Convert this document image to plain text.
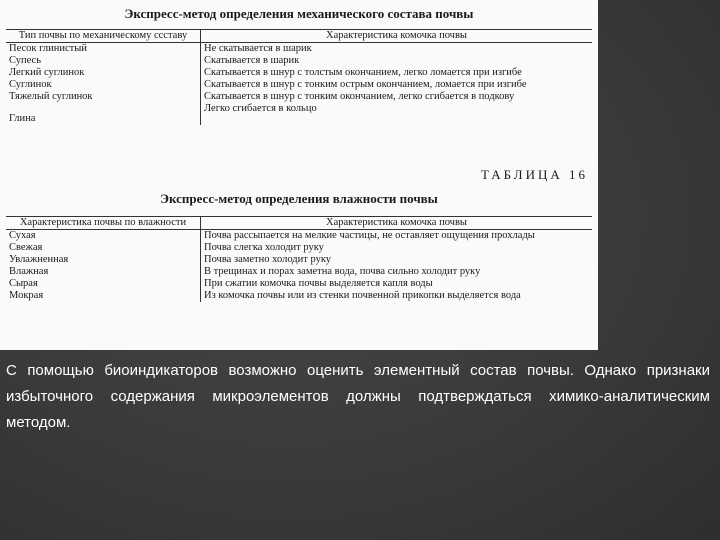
Экспресс-метод определения механического состава почвы
Тип почвы по механическому ссставу	Характеристика комочка почвы
Песок глинистый	Не скатывается в шарик
Супесь	Скатывается в шарик
Легкий суглинок	Скатывается в шнур с толстым окончанием, легко ломается при изгибе
Суглинок	Скатывается в шнур с тонким острым окончанием, ломается при изгибе
Тяжелый суглинок	Скатывается в шнур с тонким окончанием, легко сгибается в подкову
Глина	Легко сгибается в кольцо
ТАБЛИЦА 16
Экспресс-метод определения влажности почвы
Характеристика почвы по влажности	Характеристика комочка почвы
Сухая	Почва рассыпается на мелкие частицы, не оставляет ощущения прохлады
Свежая	Почва слегка холодит руку
Увлажненная	Почва заметно холодит руку
Влажная	В трещинах и порах заметна вода, почва сильно холодит руку
Сырая	При сжатии комочка почвы выделяется капля воды
Мокрая	Из комочка почвы или из стенки почвенной прикопки выделяется вода
С помощью биоиндикаторов возможно оценить элементный состав почвы. Однако признаки избыточного содержания микроэлементов должны подтверждаться химико-аналитическим методом.
